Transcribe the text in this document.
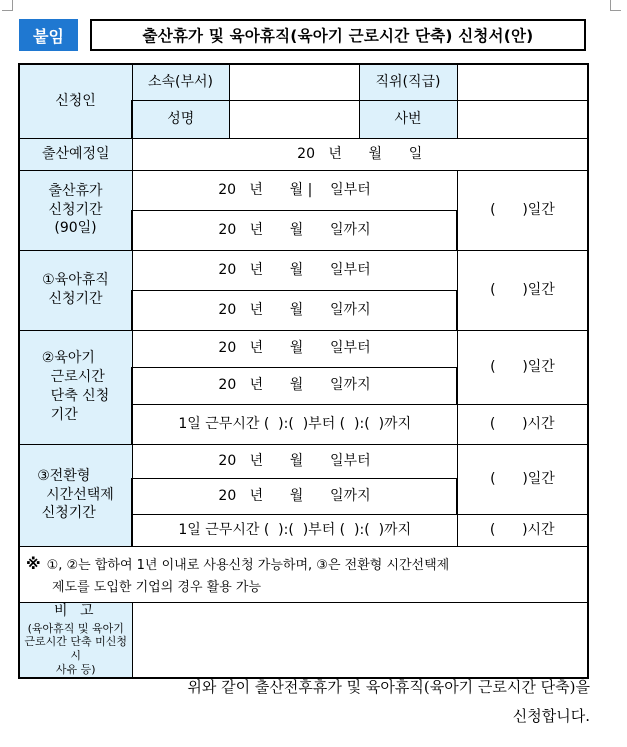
붙임	출산휴가 및 육아휴직(육아기 근로시간 단축) 신청서(안)
신청인	소속(부서)		직위(직급)	
	성명		사번	
출산예정일	20   년      월      일			
출산휴가
신청기간
(90일)	20   년      월 |    일부터			(      )일간
	20   년      월      일까지			
①육아휴직
신청기간	20   년      월      일부터			(      )일간
	20   년      월      일까지			
②육아기
근로시간
단축 신청
기간	20   년      월      일부터			(      )일간
	20   년      월      일까지			
	1일 근무시간 (  ):(  )부터 (  ):(  )까지			(      )시간
③전환형
시간선택제
신청기간	20   년      월      일부터			(      )일간
	20   년      월      일까지			
	1일 근무시간 (  ):(  )부터 (  ):(  )까지			(      )시간
※ ①, ②는 합하여 1년 이내로 사용신청 가능하며, ③은 전환형 시간선택제
제도를 도입한 기업의 경우 활용 가능				

비 고
(육아휴직 및 육아기
근로시간 단축 미신청시
사유 등)				
위와 같이 출산전후휴가 및 육아휴직(육아기 근로시간 단축)을
신청합니다.
